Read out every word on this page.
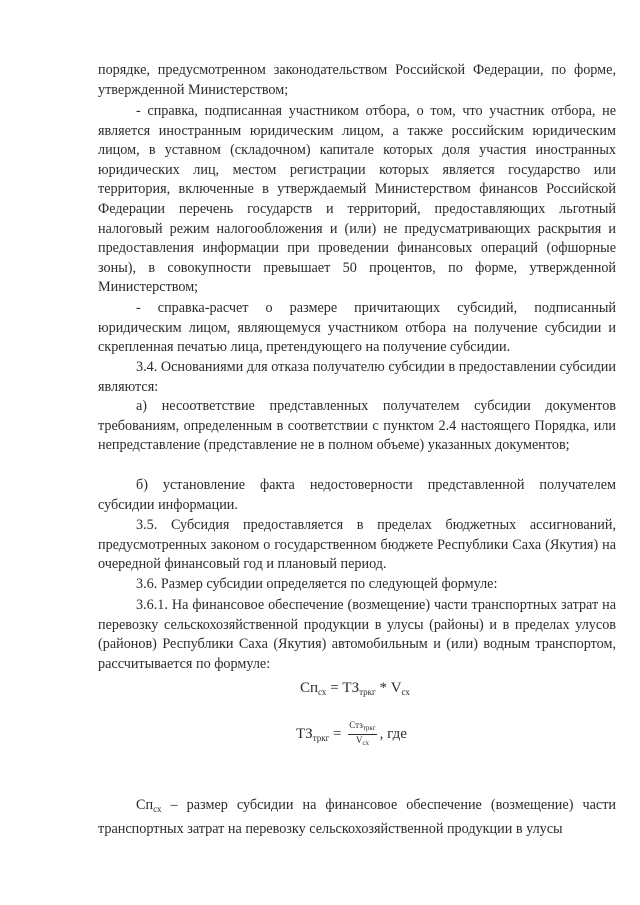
порядке, предусмотренном законодательством Российской Федерации, по форме, утвержденной Министерством;

- справка, подписанная участником отбора, о том, что участник отбора, не является иностранным юридическим лицом, а также российским юридическим лицом, в уставном (складочном) капитале которых доля участия иностранных юридических лиц, местом регистрации которых является государство или территория, включенные в утверждаемый Министерством финансов Российской Федерации перечень государств и территорий, предоставляющих льготный налоговый режим налогообложения и (или) не предусматривающих раскрытия и предоставления информации при проведении финансовых операций (офшорные зоны), в совокупности превышает 50 процентов, по форме, утвержденной Министерством;

- справка-расчет о размере причитающих субсидий, подписанный юридическим лицом, являющемуся участником отбора на получение субсидии и скрепленная печатью лица, претендующего на получение субсидии.

3.4. Основаниями для отказа получателю субсидии в предоставлении субсидии являются:

а) несоответствие представленных получателем субсидии документов требованиям, определенным в соответствии с пунктом 2.4 настоящего Порядка, или непредставление (представление не в полном объеме) указанных документов;

б) установление факта недостоверности представленной получателем субсидии информации.

3.5. Субсидия предоставляется в пределах бюджетных ассигнований, предусмотренных законом о государственном бюджете Республики Саха (Якутия) на очередной финансовый год и плановый период.

3.6. Размер субсидии определяется по следующей формуле:

3.6.1. На финансовое обеспечение (возмещение) части транспортных затрат на перевозку сельскохозяйственной продукции в улусы (районы) и в пределах улусов (районов) Республики Саха (Якутия) автомобильным и (или) водным транспортом, рассчитывается по формуле:

$Сп_{сх} = ТЗ_{тркг} * V_{сх}$
$ТЗ_{тркг} = \frac{Стз_{тркг}}{V_{сх}}$ , где

$Сп_{сх}$ – размер субсидии на финансовое обеспечение (возмещение) части транспортных затрат на перевозку сельскохозяйственной продукции в улусы
